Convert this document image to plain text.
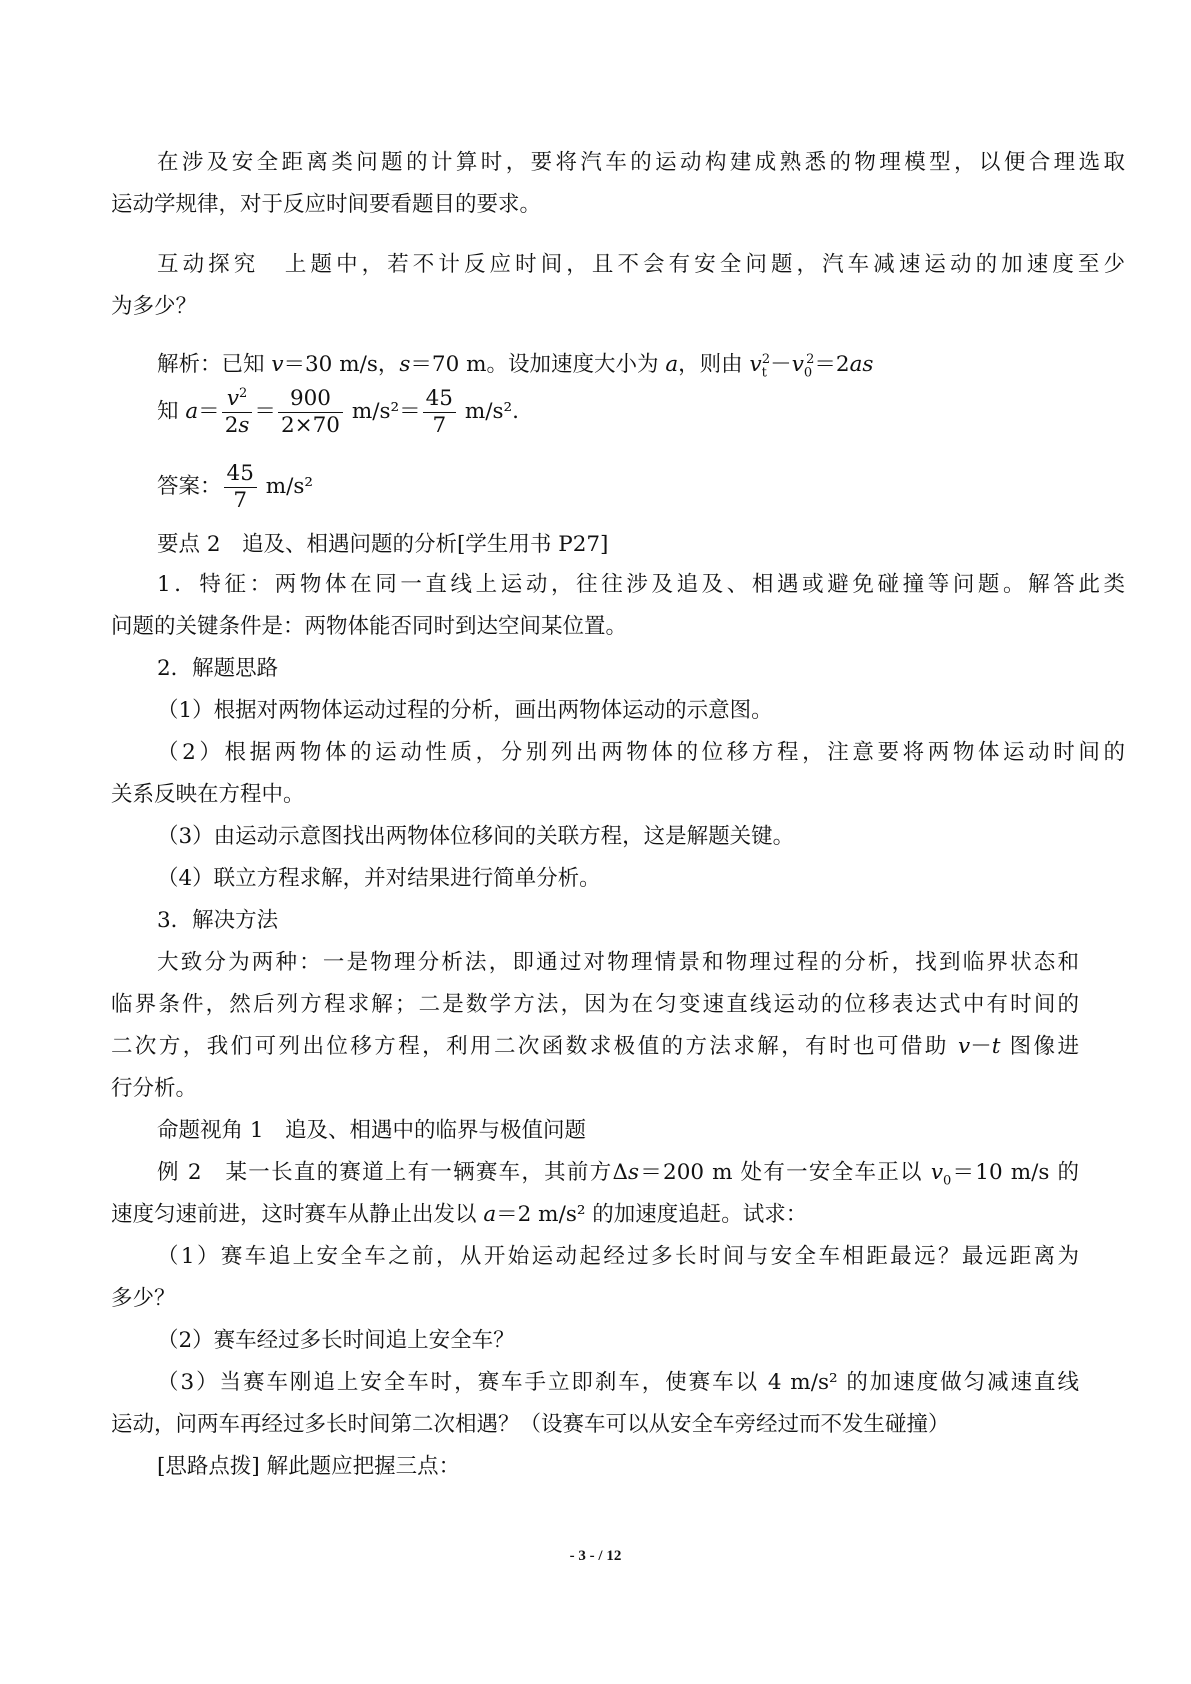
在涉及安全距离类问题的计算时，要将汽车的运动构建成熟悉的物理模型，以便合理选取
运动学规律，对于反应时间要看题目的要求。
互动探究　上题中，若不计反应时间，且不会有安全问题，汽车减速运动的加速度至少
为多少？
解析：已知 v＝30 m/s，s＝70 m。设加速度大小为 a，则由 $v_t^2-v_0^2=2as$
知 $a= \frac{v^2}{2s} = \frac{900}{2\times 70} m/s^2= \frac{45}{7} m/s^2$.
答案： $\frac{45}{7} m/s^2$
要点 2　追及、相遇问题的分析[学生用书 P27]
1．特征：两物体在同一直线上运动，往往涉及追及、相遇或避免碰撞等问题。解答此类
问题的关键条件是：两物体能否同时到达空间某位置。
2．解题思路
（1）根据对两物体运动过程的分析，画出两物体运动的示意图。
（2）根据两物体的运动性质，分别列出两物体的位移方程，注意要将两物体运动时间的
关系反映在方程中。
（3）由运动示意图找出两物体位移间的关联方程，这是解题关键。
（4）联立方程求解，并对结果进行简单分析。
3．解决方法
大致分为两种：一是物理分析法，即通过对物理情景和物理过程的分析，找到临界状态和
临界条件，然后列方程求解；二是数学方法，因为在匀变速直线运动的位移表达式中有时间的
二次方，我们可列出位移方程，利用二次函数求极值的方法求解，有时也可借助 v－t 图像进
行分析。
命题视角 1　追及、相遇中的临界与极值问题
例 2　某一长直的赛道上有一辆赛车，其前方Δs＝200 m 处有一安全车正以 $v_0=10$ m/s 的
速度匀速前进，这时赛车从静止出发以 a＝2 m/s² 的加速度追赶。试求：
（1）赛车追上安全车之前，从开始运动起经过多长时间与安全车相距最远？最远距离为
多少？
（2）赛车经过多长时间追上安全车？
（3）当赛车刚追上安全车时，赛车手立即刹车，使赛车以 4 m/s² 的加速度做匀减速直线
运动，问两车再经过多长时间第二次相遇？（设赛车可以从安全车旁经过而不发生碰撞）
[思路点拨] 解此题应把握三点：
- 3 - / 12
